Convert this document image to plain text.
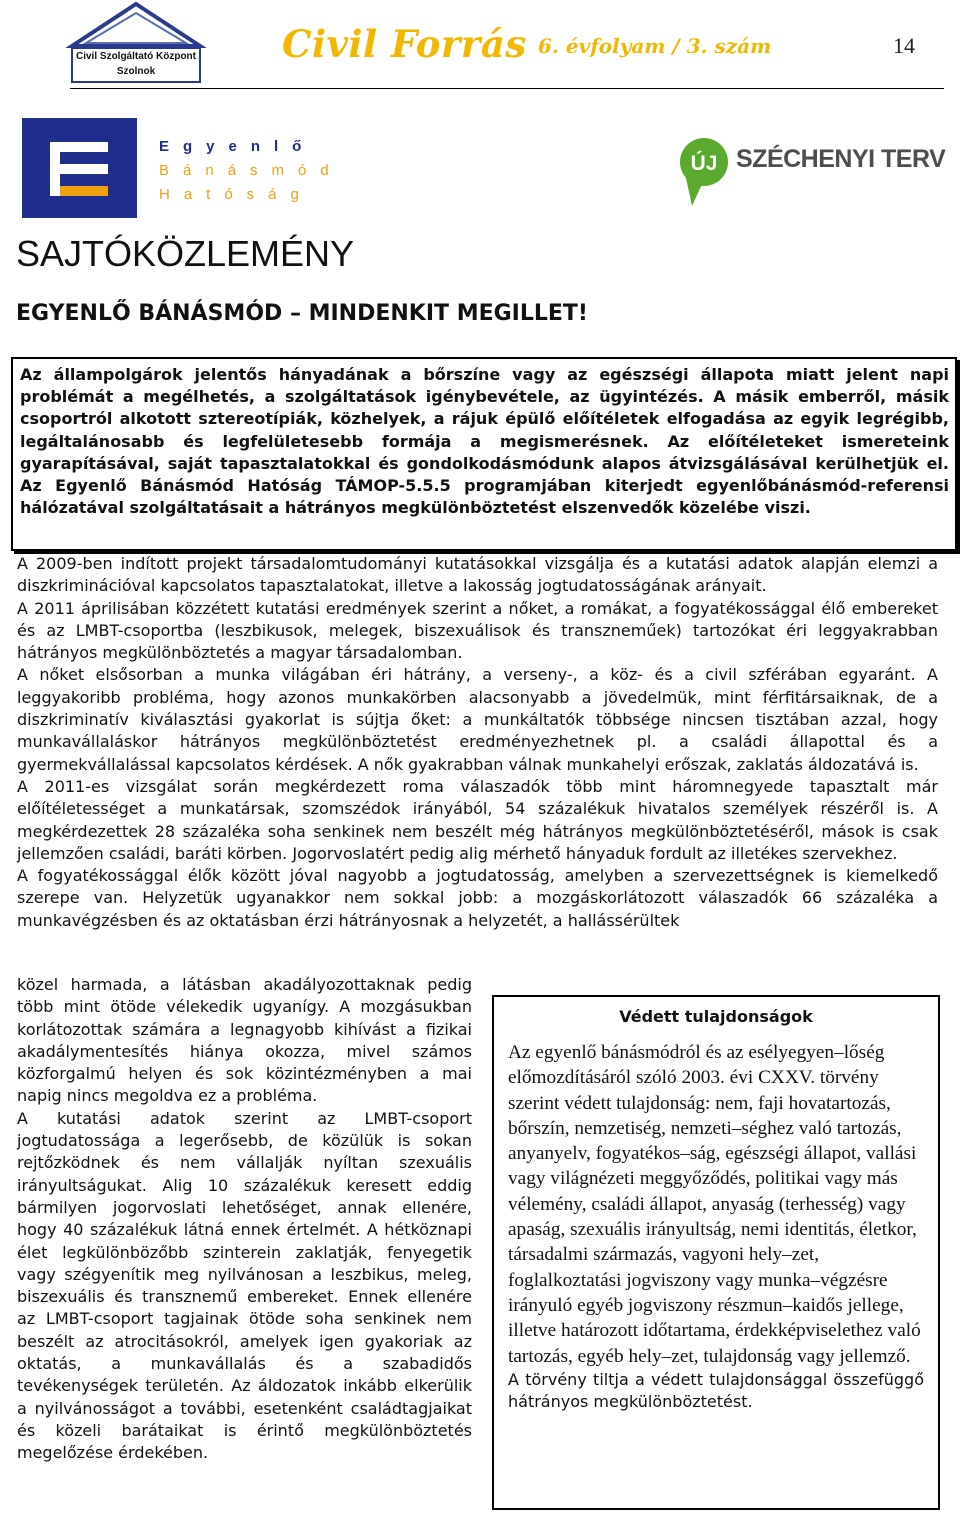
Civil Szolgáltató Központ
Szolnok
Civil Forrás 6. évfolyam / 3. szám	14
Egyenlő
Bánásmód
Hatóság
ÚJ SZÉCHENYI TERV
SAJTÓKÖZLEMÉNY
EGYENLŐ BÁNÁSMÓD – MINDENKIT MEGILLET!

Az állampolgárok jelentős hányadának a bőrszíne vagy az egészségi állapota miatt jelent napi problémát a megélhetés, a szolgáltatások igénybevétele, az ügyintézés. A másik emberről, másik csoportról alkotott sztereotípiák, közhelyek, a rájuk épülő előítéletek elfogadása az egyik legrégibb, legáltalánosabb és legfelületesebb formája a megismerésnek. Az előítéleteket ismereteink gyarapításával, saját tapasztalatokkal és gondolkodásmódunk alapos átvizsgálásával kerülhetjük el. Az Egyenlő Bánásmód Hatóság TÁMOP-5.5.5 programjában kiterjedt egyenlőbánásmód-referensi hálózatával szolgáltatásait a hátrányos megkülönböztetést elszenvedők közelébe viszi.

A 2009-ben indított projekt társadalomtudományi kutatásokkal vizsgálja és a kutatási adatok alapján elemzi a diszkriminációval kapcsolatos tapasztalatokat, illetve a lakosság jogtudatosságának arányait.

A 2011 áprilisában közzétett kutatási eredmények szerint a nőket, a romákat, a fogyatékossággal élő embereket és az LMBT-csoportba (leszbikusok, melegek, biszexuálisok és transzneműek) tartozókat éri leggyakrabban hátrányos megkülönböztetés a magyar társadalomban.

A nőket elsősorban a munka világában éri hátrány, a verseny-, a köz- és a civil szférában egyaránt. A leggyakoribb probléma, hogy azonos munkakörben alacsonyabb a jövedelmük, mint férfitársaiknak, de a diszkriminatív kiválasztási gyakorlat is sújtja őket: a munkáltatók többsége nincsen tisztában azzal, hogy munkavállaláskor hátrányos megkülönböztetést eredményezhetnek pl. a családi állapottal és a gyermekvállalással kapcsolatos kérdések. A nők gyakrabban válnak munkahelyi erőszak, zaklatás áldozatává is.

A 2011-es vizsgálat során megkérdezett roma válaszadók több mint háromnegyede tapasztalt már előítéletességet a munkatársak, szomszédok irányából, 54 százalékuk hivatalos személyek részéről is. A megkérdezettek 28 százaléka soha senkinek nem beszélt még hátrányos megkülönböztetéséről, mások is csak jellemzően családi, baráti körben. Jogorvoslatért pedig alig mérhető hányaduk fordult az illetékes szervekhez.

A fogyatékossággal élők között jóval nagyobb a jogtudatosság, amelyben a szervezettségnek is kiemelkedő szerepe van. Helyzetük ugyanakkor nem sokkal jobb: a mozgáskorlátozott válaszadók 66 százaléka a munkavégzésben és az oktatásban érzi hátrányosnak a helyzetét, a hallássérültek

közel harmada, a látásban akadályozottaknak pedig több mint ötöde vélekedik ugyanígy. A mozgásukban korlátozottak számára a legnagyobb kihívást a fizikai akadálymentesítés hiánya okozza, mivel számos közforgalmú helyen és sok közintézményben a mai napig nincs megoldva ez a probléma.

A kutatási adatok szerint az LMBT-csoport jogtudatossága a legerősebb, de közülük is sokan rejtőzködnek és nem vállalják nyíltan szexuális irányultságukat. Alig 10 százalékuk keresett eddig bármilyen jogorvoslati lehetőséget, annak ellenére, hogy 40 százalékuk látná ennek értelmét. A hétköznapi élet legkülönbözőbb szinterein zaklatják, fenyegetik vagy szégyenítik meg nyilvánosan a leszbikus, meleg, biszexuális és transznemű embereket. Ennek ellenére az LMBT-csoport tagjainak ötöde soha senkinek nem beszélt az atrocitásokról, amelyek igen gyakoriak az oktatás, a munkavállalás és a szabadidős tevékenységek területén. Az áldozatok inkább elkerülik a nyilvánosságot a további, esetenként családtagjaikat és közeli barátaikat is érintő megkülönböztetés megelőzése érdekében.

Védett tulajdonságok
Az egyenlő bánásmódról és az esélyegyen–lőség előmozdításáról szóló 2003. évi CXXV. törvény szerint védett tulajdonság: nem, faji hovatartozás, bőrszín, nemzetiség, nemzeti–séghez való tartozás, anyanyelv, fogyatékos–ság, egészségi állapot, vallási vagy világnézeti meggyőződés, politikai vagy más vélemény, családi állapot, anyaság (terhesség) vagy apaság, szexuális irányultság, nemi identitás, életkor, társadalmi származás, vagyoni hely–zet, foglalkoztatási jogviszony vagy munka–végzésre irányuló egyéb jogviszony részmun–kaidős jellege, illetve határozott időtartama, érdekképviselethez való tartozás, egyéb hely–zet, tulajdonság vagy jellemző.
A törvény tiltja a védett tulajdonsággal összefüggő hátrányos megkülönböztetést.
